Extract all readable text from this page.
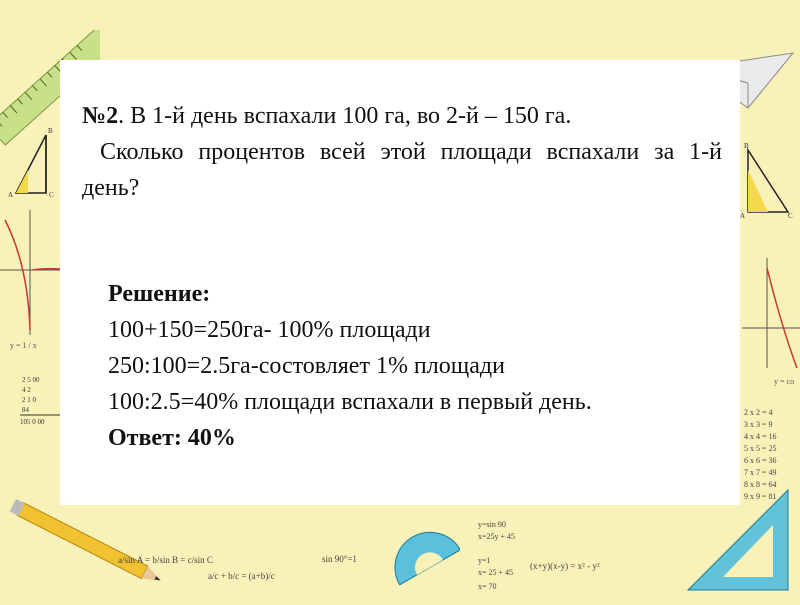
B
A	C
y = 1 / x
2 5 00
4 2
2 1 0
84
105 0 00
a/sin A = b/sin B = c/sin C
a/c + b/c = (a+b)/c
sin 90°=1
y=sin 90
x=25y + 45
y=1
x= 25 + 45
x= 70
(x+y)(x-y) = x² - y²
B
A	C
y = co
2 x 2 = 4
3 x 3 = 9
4 x 4 = 16
5 x 5 = 25
6 x 6 = 36
7 x 7 = 49
8 x 8 = 64
9 x 9 = 81
№2. В 1-й день вспахали 100 га, во 2-й – 150 га.
Сколько процентов всей этой площади вспахали за 1-й день?
Решение:
100+150=250га- 100% площади
250:100=2.5га-состовляет 1% площади
100:2.5=40% площади вспахали в первый день.
Ответ: 40%
